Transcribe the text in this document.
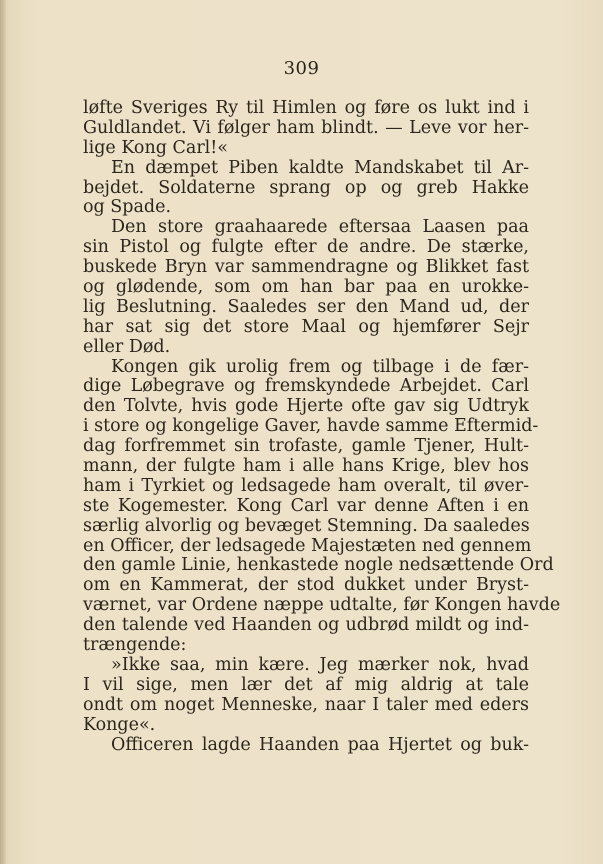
309
løfte Sveriges Ry til Himlen og føre os lukt ind i
Guldlandet. Vi følger ham blindt. — Leve vor her-
lige Kong Carl!«
En dæmpet Piben kaldte Mandskabet til Ar-
bejdet. Soldaterne sprang op og greb Hakke
og Spade.
Den store graahaarede eftersaa Laasen paa
sin Pistol og fulgte efter de andre. De stærke,
buskede Bryn var sammendragne og Blikket fast
og glødende, som om han bar paa en urokke-
lig Beslutning. Saaledes ser den Mand ud, der
har sat sig det store Maal og hjemfører Sejr
eller Død.
Kongen gik urolig frem og tilbage i de fær-
dige Løbegrave og fremskyndede Arbejdet. Carl
den Tolvte, hvis gode Hjerte ofte gav sig Udtryk
i store og kongelige Gaver, havde samme Eftermid-
dag forfremmet sin trofaste, gamle Tjener, Hult-
mann, der fulgte ham i alle hans Krige, blev hos
ham i Tyrkiet og ledsagede ham overalt, til øver-
ste Kogemester. Kong Carl var denne Aften i en
særlig alvorlig og bevæget Stemning. Da saaledes
en Officer, der ledsagede Majestæten ned gennem
den gamle Linie, henkastede nogle nedsættende Ord
om en Kammerat, der stod dukket under Bryst-
værnet, var Ordene næppe udtalte, før Kongen havde
den talende ved Haanden og udbrød mildt og ind-
trængende:
»Ikke saa, min kære. Jeg mærker nok, hvad
I vil sige, men lær det af mig aldrig at tale
ondt om noget Menneske, naar I taler med eders
Konge«.
Officeren lagde Haanden paa Hjertet og buk-
